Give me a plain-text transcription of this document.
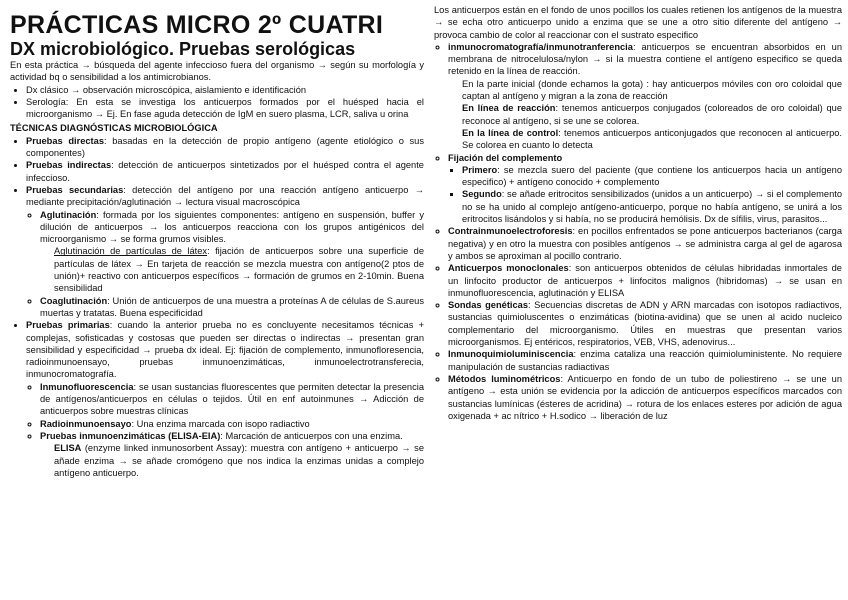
PRÁCTICAS MICRO 2º CUATRI
DX microbiológico. Pruebas serológicas

En esta práctica → búsqueda del agente infeccioso fuera del organismo → según su morfología y actividad bq o sensibilidad a los antimicrobianos.

• Dx clásico → observación microscópica, aislamiento e identificación
• Serología: En esta se investiga los anticuerpos formados por el huésped hacia el microorganismo → Ej. En fase aguda detección de IgM en suero plasma, LCR, saliva u orina
TÉCNICAS DIAGNÓSTICAS MICROBIOLÓGICA
• Pruebas directas: basadas en la detección de propio antígeno (agente etiológico o sus componentes)
• Pruebas indirectas: detección de anticuerpos sintetizados por el huésped contra el agente infeccioso.
• Pruebas secundarias: detección del antígeno por una reacción antígeno anticuerpo → mediante precipitación/aglutinación → lectura visual macroscópica
◦ Aglutinación: formada por los siguientes componentes: antígeno en suspensión, buffer y dilución de anticuerpos → los anticuerpos reacciona con los grupos antigénicos del microorganismo → se forma grumos visibles.

Aglutinación de partículas de látex: fijación de anticuerpos sobre una superficie de partículas de látex → En tarjeta de reacción se mezcla muestra con antígeno(2 ptos de unión)+ reactivo con anticuerpos específicos → formación de grumos en 2-10min. Buena sensibilidad

◦ Coaglutinación: Unión de anticuerpos de una muestra a proteínas A de células de S.aureus muertas y tratatas. Buena especificidad
• Pruebas primarias: cuando la anterior prueba no es concluyente necesitamos técnicas + complejas, sofisticadas y costosas que pueden ser directas o indirectas → presentan gran sensibilidad y especificidad → prueba dx ideal. Ej: fijación de complemento, inmunofloresencia, radioinmunoensayo, pruebas inmunoenzimáticas, inmunoelectrotransferecia, inmunocromatografía.
◦ Inmunofluorescencia: se usan sustancias fluorescentes que permiten detectar la presencia de antígenos/anticuerpos en células o tejidos. Útil en enf autoinmunes → Adicción de anticuerpos sobre muestras clínicas
◦ Radioinmunoensayo: Una enzima marcada con isopo radiactivo
◦ Pruebas inmunoenzimáticas (ELISA-EIA): Marcación de anticuerpos con una enzima.

ELISA (enzyme linked inmunosorbent Assay): muestra con antígeno + anticuerpo → se añade enzima → se añade cromógeno que nos indica la enzimas unidas a complejo antígeno anticuerpo.

Los anticuerpos están en el fondo de unos pocillos los cuales retienen los antígenos de la muestra → se echa otro anticuerpo unido a enzima que se une a otro sitio diferente del antígeno → provoca cambio de color al reaccionar con el sustrato especifico

◦ inmunocromatografía/inmunotranferencia: anticuerpos se encuentran absorbidos en un membrana de nitrocelulosa/nylon → si la muestra contiene el antígeno especifico se queda retenido en la línea de reacción.

En la parte inicial (donde echamos la gota) : hay anticuerpos móviles con oro coloidal que captan al antígeno y migran a la zona de reacción

En línea de reacción: tenemos anticuerpos conjugados (coloreados de oro coloidal) que reconoce al antígeno, si se une se colorea.

En la línea de control: tenemos anticuerpos anticonjugados que reconocen al anticuerpo. Se colorea en cuanto lo detecta

◦ Fijación del complemento
▪ Primero: se mezcla suero del paciente (que contiene los anticuerpos hacia un antígeno especifico) + antígeno conocido + complemento
▪ Segundo: se añade eritrocitos sensibilizados (unidos a un anticuerpo) → si el complemento no se ha unido al complejo antígeno-anticuerpo, porque no había antígeno, se unirá a los eritrocitos lisándolos y si había, no se producirá hemólisis. Dx de sífilis, virus, parasitos...
◦ Contrainmunoelectroforesis: en pocillos enfrentados se pone anticuerpos bacterianos (carga negativa) y en otro la muestra con posibles antígenos → se administra carga al gel de agarosa y ambos se aproximan al pocillo contrario.
◦ Anticuerpos monoclonales: son anticuerpos obtenidos de células hibridadas inmortales de un linfocito productor de anticuerpos + linfocitos malignos (hibridomas) → se usan en inmunofluorescencia, aglutinación y ELISA
◦ Sondas genéticas: Secuencias discretas de ADN y ARN marcadas con isotopos radiactivos, sustancias quimioluscentes o enzimáticas (biotina-avidina) que se unen al acido nucleico complementario del microorganismo. Útiles en muestras que presentan varios microorganismos. Ej entéricos, respiratorios, VEB, VHS, adenovirus...
◦ Inmunoquimioluminiscencia: enzima cataliza una reacción quimioluministente. No requiere manipulación de sustancias radiactivas
◦ Métodos luminométricos: Anticuerpo en fondo de un tubo de poliestireno → se une un antígeno → esta unión se evidencia por la adicción de anticuerpos específicos marcados con sustancias lumínicas (ésteres de acridina) → rotura de los enlaces esteres por adición de agua oxigenada + ac nítrico + H.sodico → liberación de luz
